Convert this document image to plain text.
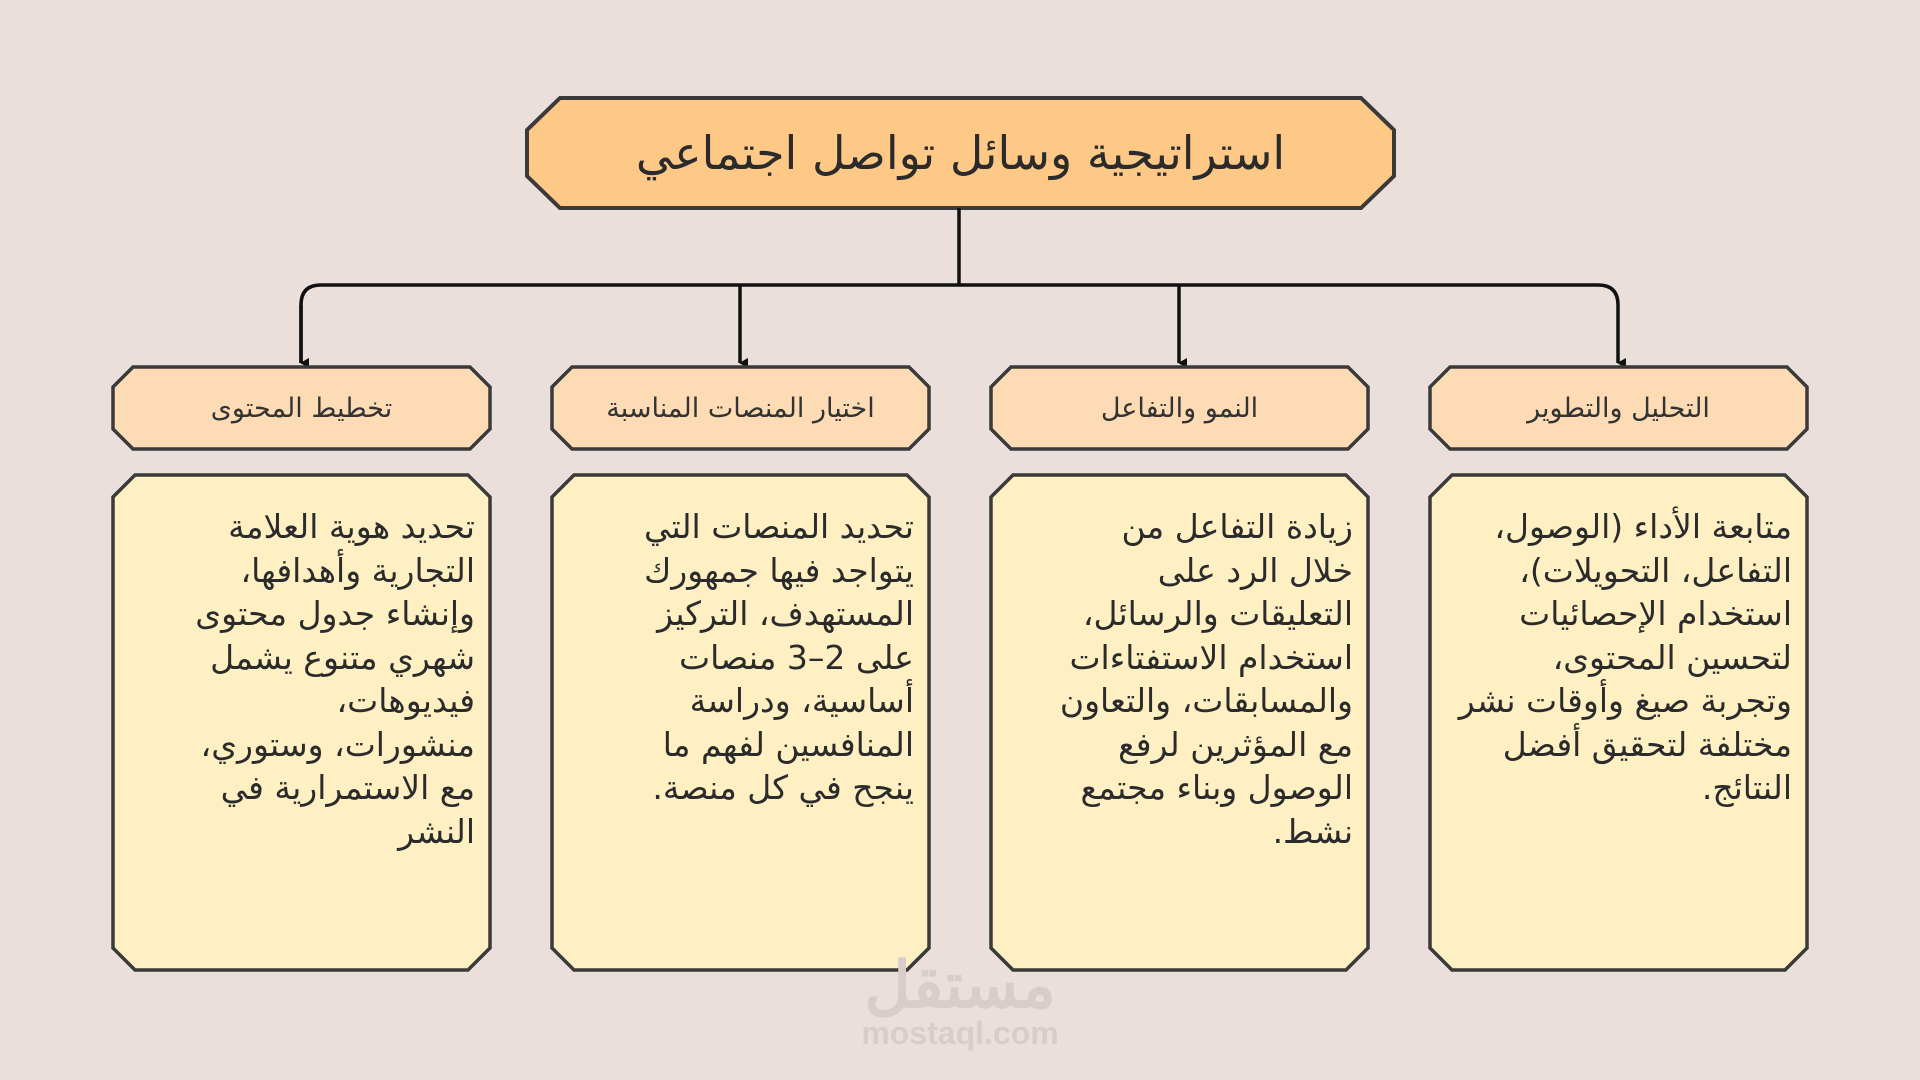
استراتيجية وسائل تواصل اجتماعي
تخطيط المحتوى
تحديد هوية العلامة
التجارية وأهدافها،
وإنشاء جدول محتوى
شهري متنوع يشمل
فيديوهات،
منشورات، وستوري،
مع الاستمرارية في
النشر
اختيار المنصات المناسبة
تحديد المنصات التي
يتواجد فيها جمهورك
المستهدف، التركيز
على 2–3 منصات
أساسية، ودراسة
المنافسين لفهم ما
ينجح في كل منصة.
النمو والتفاعل
زيادة التفاعل من
خلال الرد على
التعليقات والرسائل،
استخدام الاستفتاءات
والمسابقات، والتعاون
مع المؤثرين لرفع
الوصول وبناء مجتمع
نشط.
التحليل والتطوير
متابعة الأداء (الوصول،
التفاعل، التحويلات)،
استخدام الإحصائيات
لتحسين المحتوى،
وتجربة صيغ وأوقات نشر
مختلفة لتحقيق أفضل
النتائج.
مستقل
mostaql.com
